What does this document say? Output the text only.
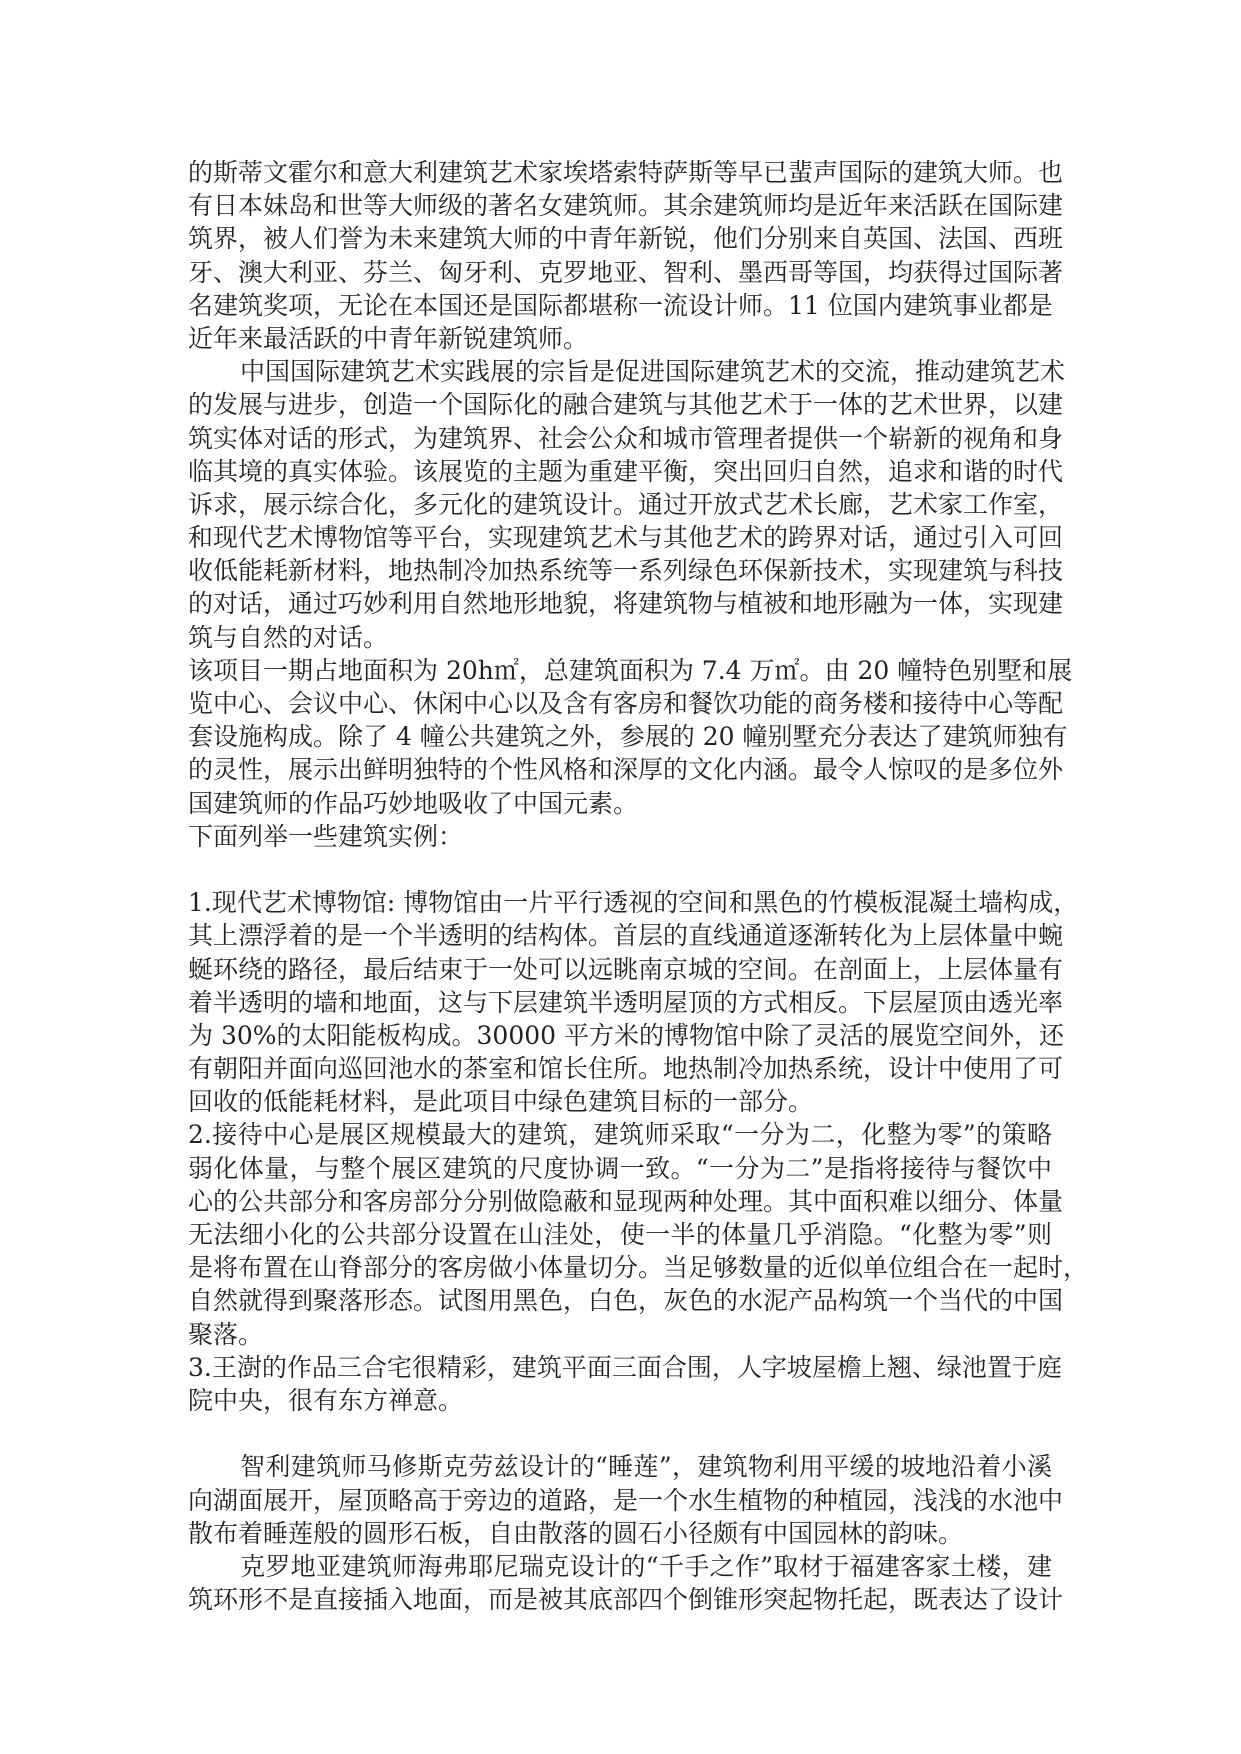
的斯蒂文霍尔和意大利建筑艺术家埃塔索特萨斯等早已蜚声国际的建筑大师。也
有日本妹岛和世等大师级的著名女建筑师。其余建筑师均是近年来活跃在国际建
筑界，被人们誉为未来建筑大师的中青年新锐，他们分别来自英国、法国、西班
牙、澳大利亚、芬兰、匈牙利、克罗地亚、智利、墨西哥等国，均获得过国际著
名建筑奖项，无论在本国还是国际都堪称一流设计师。11 位国内建筑事业都是
近年来最活跃的中青年新锐建筑师。
中国国际建筑艺术实践展的宗旨是促进国际建筑艺术的交流，推动建筑艺术
的发展与进步，创造一个国际化的融合建筑与其他艺术于一体的艺术世界，以建
筑实体对话的形式，为建筑界、社会公众和城市管理者提供一个崭新的视角和身
临其境的真实体验。该展览的主题为重建平衡，突出回归自然，追求和谐的时代
诉求，展示综合化，多元化的建筑设计。通过开放式艺术长廊，艺术家工作室，
和现代艺术博物馆等平台，实现建筑艺术与其他艺术的跨界对话，通过引入可回
收低能耗新材料，地热制冷加热系统等一系列绿色环保新技术，实现建筑与科技
的对话，通过巧妙利用自然地形地貌，将建筑物与植被和地形融为一体，实现建
筑与自然的对话。
该项目一期占地面积为 20h㎡，总建筑面积为 7.4 万㎡。由 20 幢特色别墅和展
览中心、会议中心、休闲中心以及含有客房和餐饮功能的商务楼和接待中心等配
套设施构成。除了 4 幢公共建筑之外，参展的 20 幢别墅充分表达了建筑师独有
的灵性，展示出鲜明独特的个性风格和深厚的文化内涵。最令人惊叹的是多位外
国建筑师的作品巧妙地吸收了中国元素。
下面列举一些建筑实例：
1.现代艺术博物馆: 博物馆由一片平行透视的空间和黑色的竹模板混凝土墙构成，
其上漂浮着的是一个半透明的结构体。首层的直线通道逐渐转化为上层体量中蜿
蜒环绕的路径，最后结束于一处可以远眺南京城的空间。在剖面上，上层体量有
着半透明的墙和地面，这与下层建筑半透明屋顶的方式相反。下层屋顶由透光率
为 30%的太阳能板构成。30000 平方米的博物馆中除了灵活的展览空间外，还
有朝阳并面向巡回池水的茶室和馆长住所。地热制冷加热系统，设计中使用了可
回收的低能耗材料，是此项目中绿色建筑目标的一部分。
2.接待中心是展区规模最大的建筑，建筑师采取“一分为二，化整为零”的策略
弱化体量，与整个展区建筑的尺度协调一致。“一分为二”是指将接待与餐饮中
心的公共部分和客房部分分别做隐蔽和显现两种处理。其中面积难以细分、体量
无法细小化的公共部分设置在山洼处，使一半的体量几乎消隐。“化整为零”则
是将布置在山脊部分的客房做小体量切分。当足够数量的近似单位组合在一起时，
自然就得到聚落形态。试图用黑色，白色，灰色的水泥产品构筑一个当代的中国
聚落。
3.王澍的作品三合宅很精彩，建筑平面三面合围，人字坡屋檐上翘、绿池置于庭
院中央，很有东方禅意。
智利建筑师马修斯克劳兹设计的“睡莲”，建筑物利用平缓的坡地沿着小溪
向湖面展开，屋顶略高于旁边的道路，是一个水生植物的种植园，浅浅的水池中
散布着睡莲般的圆形石板，自由散落的圆石小径颇有中国园林的韵味。
克罗地亚建筑师海弗耶尼瑞克设计的“千手之作”取材于福建客家土楼，建
筑环形不是直接插入地面，而是被其底部四个倒锥形突起物托起，既表达了设计
